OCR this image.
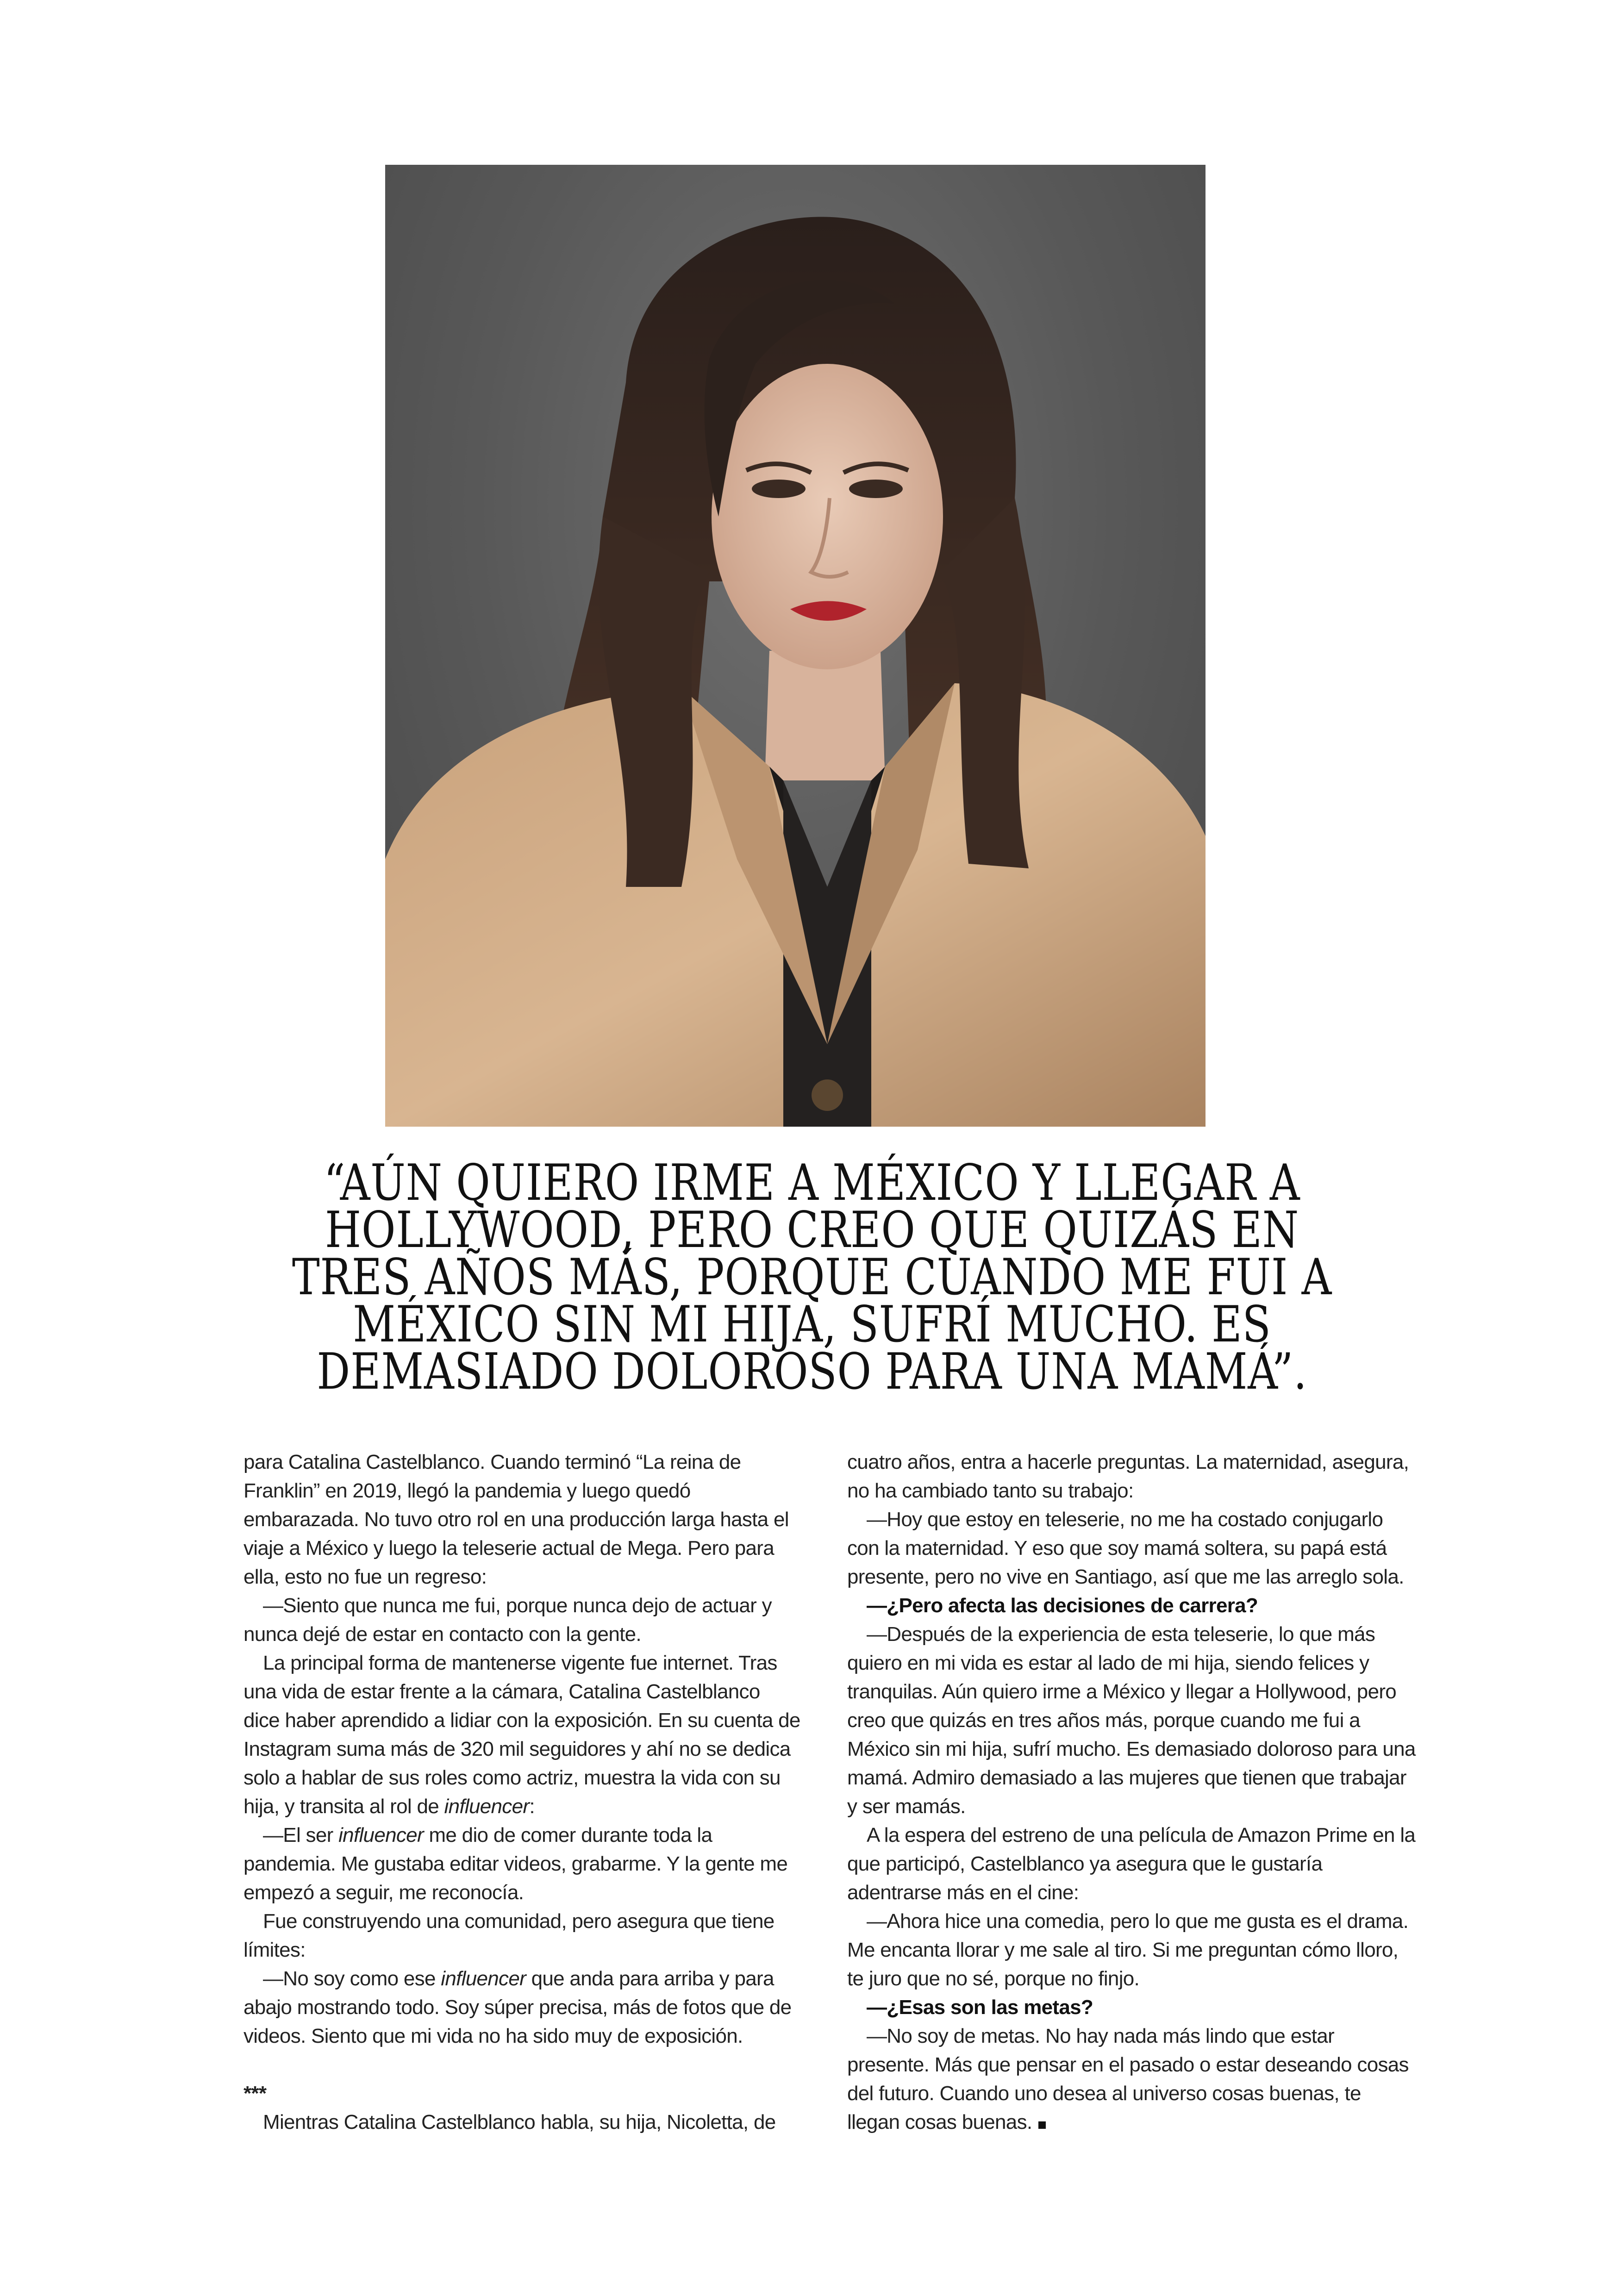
“AÚN QUIERO IRME A MÉXICO Y LLEGAR A HOLLYWOOD, PERO CREO QUE QUIZÁS EN TRES AÑOS MÁS, PORQUE CUANDO ME FUI A MÉXICO SIN MI HIJA, SUFRÍ MUCHO. ES DEMASIADO DOLOROSO PARA UNA MAMÁ”.

para Catalina Castelblanco. Cuando terminó “La reina de Franklin” en 2019, llegó la pandemia y luego quedó embarazada. No tuvo otro rol en una producción larga hasta el viaje a México y luego la teleserie actual de Mega. Pero para ella, esto no fue un regreso:

—Siento que nunca me fui, porque nunca dejo de actuar y nunca dejé de estar en contacto con la gente.

La principal forma de mantenerse vigente fue internet. Tras una vida de estar frente a la cámara, Catalina Castelblanco dice haber aprendido a lidiar con la exposición. En su cuenta de Instagram suma más de 320 mil seguidores y ahí no se dedica solo a hablar de sus roles como actriz, muestra la vida con su hija, y transita al rol de influencer:

—El ser influencer me dio de comer durante toda la pandemia. Me gustaba editar videos, grabarme. Y la gente me empezó a seguir, me reconocía.

Fue construyendo una comunidad, pero asegura que tiene límites:

—No soy como ese influencer que anda para arriba y para abajo mostrando todo. Soy súper precisa, más de fotos que de videos. Siento que mi vida no ha sido muy de exposición.

***

Mientras Catalina Castelblanco habla, su hija, Nicoletta, de

cuatro años, entra a hacerle preguntas. La maternidad, asegura, no ha cambiado tanto su trabajo:

—Hoy que estoy en teleserie, no me ha costado conjugarlo con la maternidad. Y eso que soy mamá soltera, su papá está presente, pero no vive en Santiago, así que me las arreglo sola.

—¿Pero afecta las decisiones de carrera?

—Después de la experiencia de esta teleserie, lo que más quiero en mi vida es estar al lado de mi hija, siendo felices y tranquilas. Aún quiero irme a México y llegar a Hollywood, pero creo que quizás en tres años más, porque cuando me fui a México sin mi hija, sufrí mucho. Es demasiado doloroso para una mamá. Admiro demasiado a las mujeres que tienen que trabajar y ser mamás.

A la espera del estreno de una película de Amazon Prime en la que participó, Castelblanco ya asegura que le gustaría adentrarse más en el cine:

—Ahora hice una comedia, pero lo que me gusta es el drama. Me encanta llorar y me sale al tiro. Si me preguntan cómo lloro, te juro que no sé, porque no finjo.

—¿Esas son las metas?

—No soy de metas. No hay nada más lindo que estar presente. Más que pensar en el pasado o estar deseando cosas del futuro. Cuando uno desea al universo cosas buenas, te llegan cosas buenas.
